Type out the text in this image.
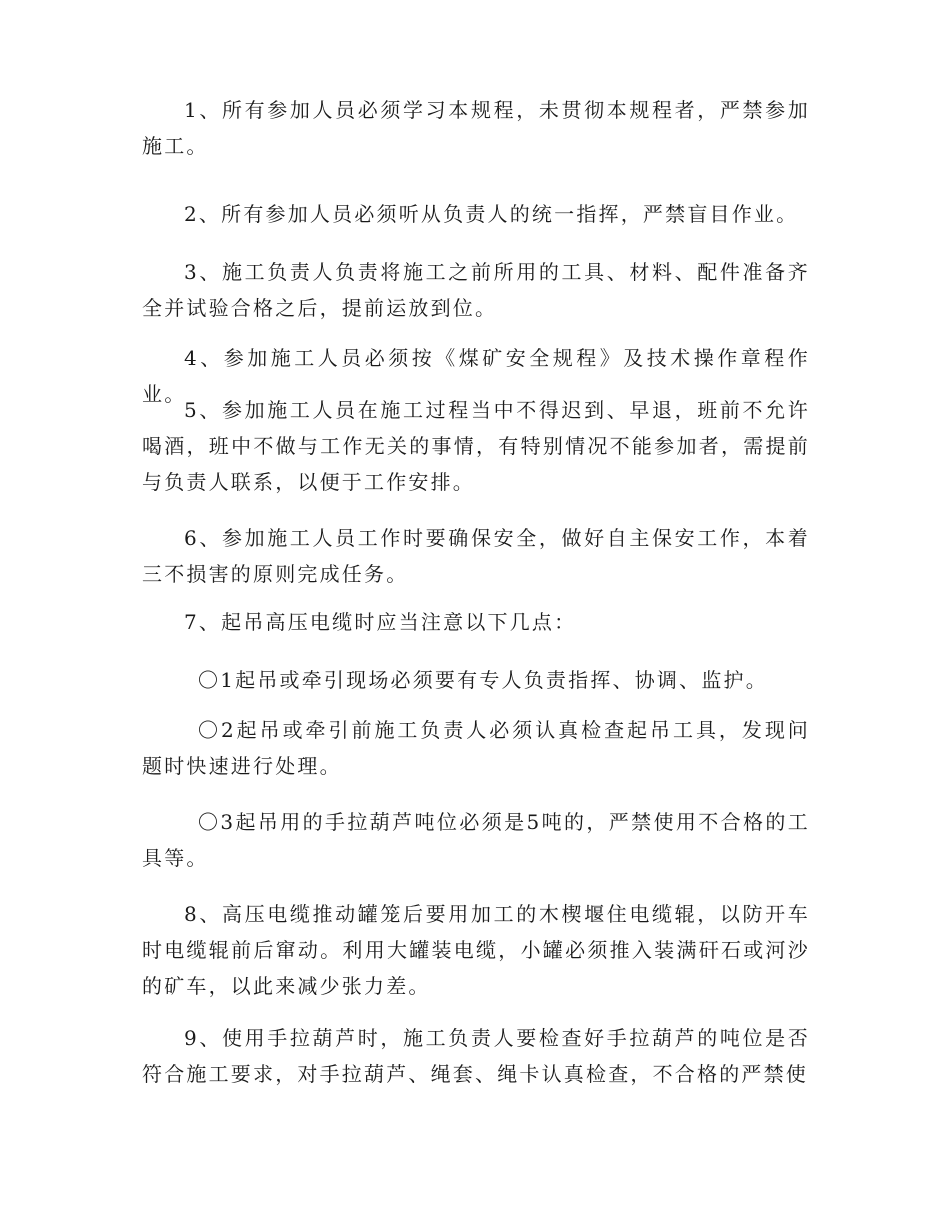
1、所有参加人员必须学习本规程，未贯彻本规程者，严禁参加施工。

2、所有参加人员必须听从负责人的统一指挥，严禁盲目作业。

3、施工负责人负责将施工之前所用的工具、材料、配件准备齐全并试验合格之后，提前运放到位。

4、参加施工人员必须按《煤矿安全规程》及技术操作章程作业。

5、参加施工人员在施工过程当中不得迟到、早退，班前不允许喝酒，班中不做与工作无关的事情，有特别情况不能参加者，需提前与负责人联系，以便于工作安排。

6、参加施工人员工作时要确保安全，做好自主保安工作，本着三不损害的原则完成任务。

7、起吊高压电缆时应当注意以下几点：

〇1起吊或牵引现场必须要有专人负责指挥、协调、监护。

〇2起吊或牵引前施工负责人必须认真检查起吊工具，发现问题时快速进行处理。

〇3起吊用的手拉葫芦吨位必须是5吨的，严禁使用不合格的工具等。

8、高压电缆推动罐笼后要用加工的木楔堰住电缆辊，以防开车时电缆辊前后窜动。利用大罐装电缆，小罐必须推入装满矸石或河沙的矿车，以此来减少张力差。

9、使用手拉葫芦时，施工负责人要检查好手拉葫芦的吨位是否符合施工要求，对手拉葫芦、绳套、绳卡认真检查，不合格的严禁使
